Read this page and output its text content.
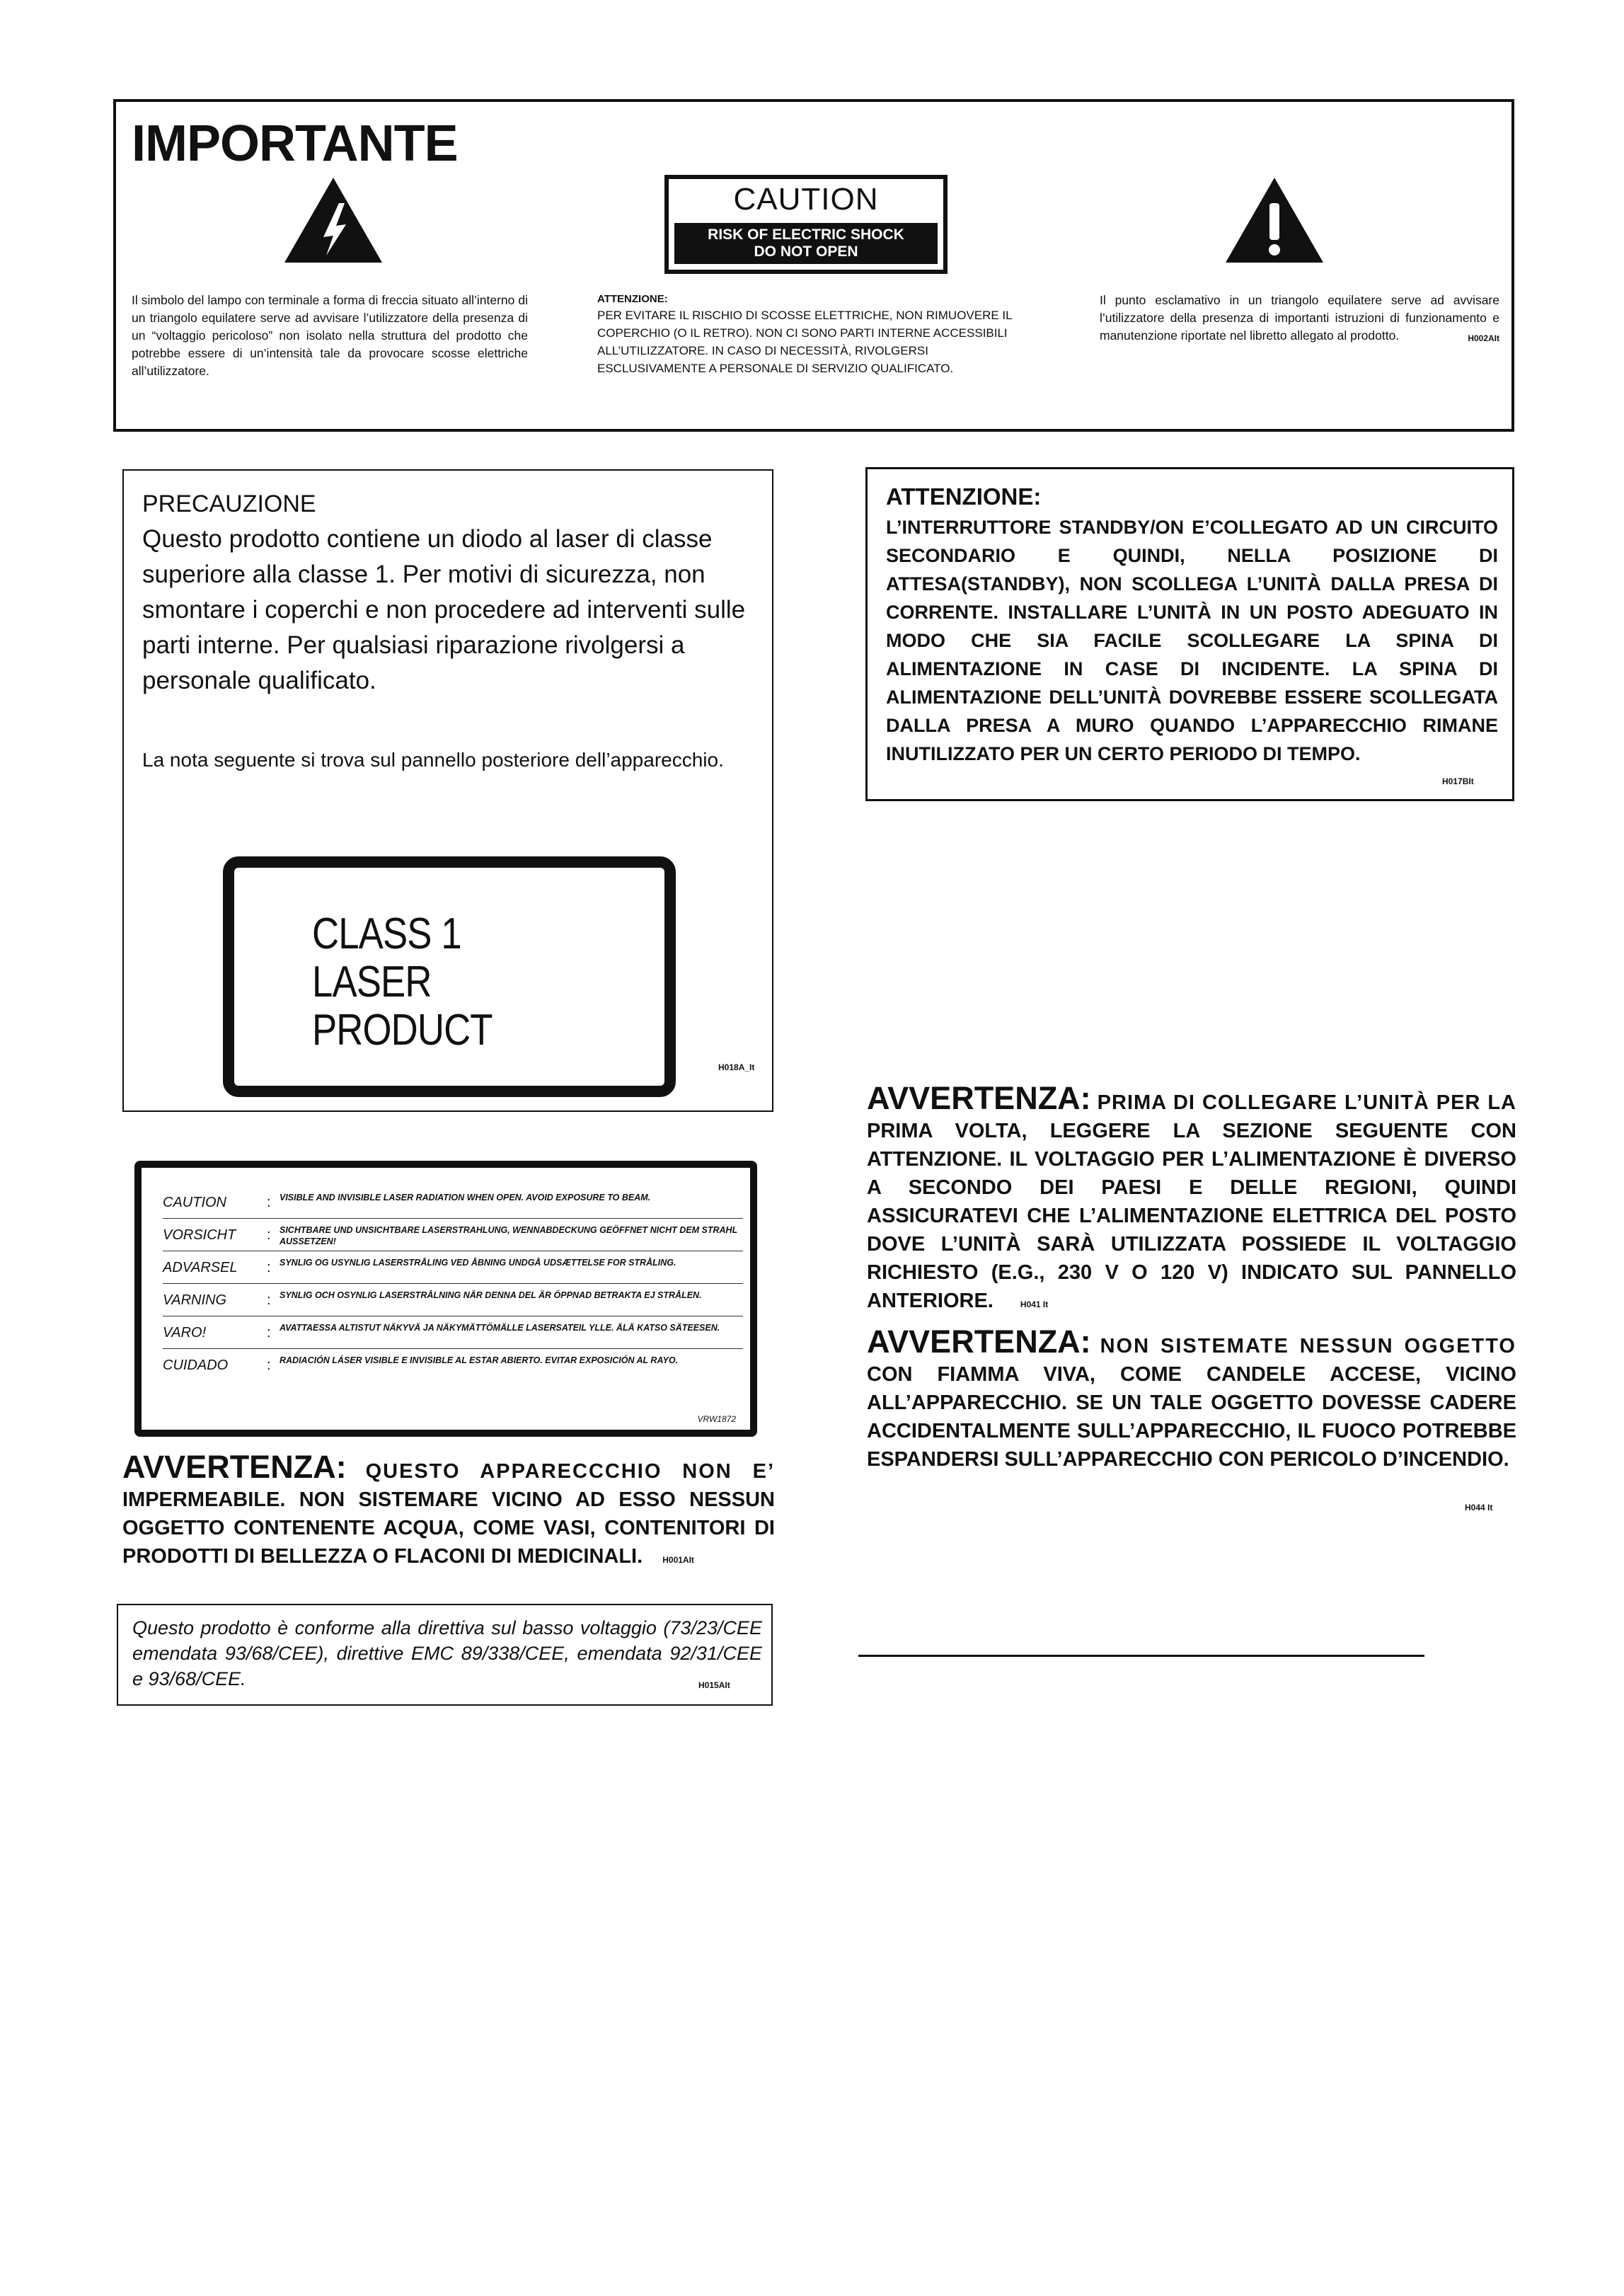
IMPORTANTE
CAUTION
RISK OF ELECTRIC SHOCK
DO NOT OPEN
Il simbolo del lampo con terminale a forma di freccia situato all’interno di un triangolo equilatere serve ad avvisare l’utilizzatore della presenza di un “voltaggio pericoloso” non isolato nella struttura del prodotto che potrebbe essere di un’intensità tale da provocare scosse elettriche all’utilizzatore.
ATTENZIONE:
PER EVITARE IL RISCHIO DI SCOSSE ELETTRICHE, NON RIMUOVERE IL COPERCHIO (O IL RETRO). NON CI SONO PARTI INTERNE ACCESSIBILI ALL’UTILIZZATORE. IN CASO DI NECESSITÀ, RIVOLGERSI ESCLUSIVAMENTE A PERSONALE DI SERVIZIO QUALIFICATO.
Il punto esclamativo in un triangolo equilatere serve ad avvisare l’utilizzatore della presenza di importanti istruzioni di funzionamento e manutenzione riportate nel libretto allegato al prodotto.	H002AIt
PRECAUZIONE
Questo prodotto contiene un diodo al laser di classe superiore alla classe 1. Per motivi di sicurezza, non smontare i coperchi e non procedere ad interventi sulle parti interne. Per qualsiasi riparazione rivolgersi a personale qualificato.
La nota seguente si trova sul pannello posteriore dell’apparecchio.
CLASS 1
LASER PRODUCT
H018A_It
ATTENZIONE:
L’INTERRUTTORE STANDBY/ON E’COLLEGATO AD UN CIRCUITO SECONDARIO E QUINDI, NELLA POSIZIONE DI ATTESA(STANDBY), NON SCOLLEGA L’UNITÀ DALLA PRESA DI CORRENTE. INSTALLARE L’UNITÀ IN UN POSTO ADEGUATO IN MODO CHE SIA FACILE SCOLLEGARE LA SPINA DI ALIMENTAZIONE IN CASE DI INCIDENTE. LA SPINA DI ALIMENTAZIONE DELL’UNITÀ DOVREBBE ESSERE SCOLLEGATA DALLA PRESA A MURO QUANDO L’APPARECCHIO RIMANE INUTILIZZATO PER UN CERTO PERIODO DI TEMPO.
H017BIt
CAUTION	: VISIBLE AND INVISIBLE LASER RADIATION WHEN OPEN. AVOID EXPOSURE TO BEAM.
VORSICHT : SICHTBARE UND UNSICHTBARE LASERSTRAHLUNG, WENNABDECKUNG GEÖFFNET NICHT DEM STRAHL AUSSETZEN!
ADVARSEL : SYNLIG OG USYNLIG LASERSTRÅLING VED ÅBNING UNDGÅ UDSÆTTELSE FOR STRÅLING.
VARNING	: SYNLIG OCH OSYNLIG LASERSTRÅLNING NÄR DENNA DEL ÄR ÖPPNAD BETRAKTA EJ STRÅLEN.
VARO!	: AVATTAESSA ALTISTUT NÄKYVÄ JA NÄKYMÄTTÖMÄLLE LASERSATEIL YLLE. ÄLÄ KATSO SÄTEESEN.
CUIDADO	: RADIACIÓN LÁSER VISIBLE E INVISIBLE AL ESTAR ABIERTO. EVITAR EXPOSICIÓN AL RAYO.
VRW1872
AVVERTENZA: QUESTO APPARECCCHIO NON E’ IMPERMEABILE. NON SISTEMARE VICINO AD ESSO NESSUN OGGETTO CONTENENTE ACQUA, COME VASI, CONTENITORI DI PRODOTTI DI BELLEZZA O FLACONI DI MEDICINALI. H001AIt
Questo prodotto è conforme alla direttiva sul basso voltaggio (73/23/CEE emendata 93/68/CEE), direttive EMC 89/338/CEE, emendata 92/31/CEE e 93/68/CEE.	H015AIt
AVVERTENZA: PRIMA DI COLLEGARE L’UNITÀ PER LA PRIMA VOLTA, LEGGERE LA SEZIONE SEGUENTE CON ATTENZIONE. IL VOLTAGGIO PER L’ALIMENTAZIONE È DIVERSO A SECONDO DEI PAESI E DELLE REGIONI, QUINDI ASSICURATEVI CHE L’ALIMENTAZIONE ELETTRICA DEL POSTO DOVE L’UNITÀ SARÀ UTILIZZATA POSSIEDE IL VOLTAGGIO RICHIESTO (E.G., 230 V O 120 V) INDICATO SUL PANNELLO ANTERIORE.	H041 It
AVVERTENZA: NON SISTEMATE NESSUN OGGETTO CON FIAMMA VIVA, COME CANDELE ACCESE, VICINO ALL’APPARECCHIO. SE UN TALE OGGETTO DOVESSE CADERE ACCIDENTALMENTE SULL’APPARECCHIO, IL FUOCO POTREBBE ESPANDERSI SULL’APPARECCHIO CON PERICOLO D’INCENDIO.
H044 It
